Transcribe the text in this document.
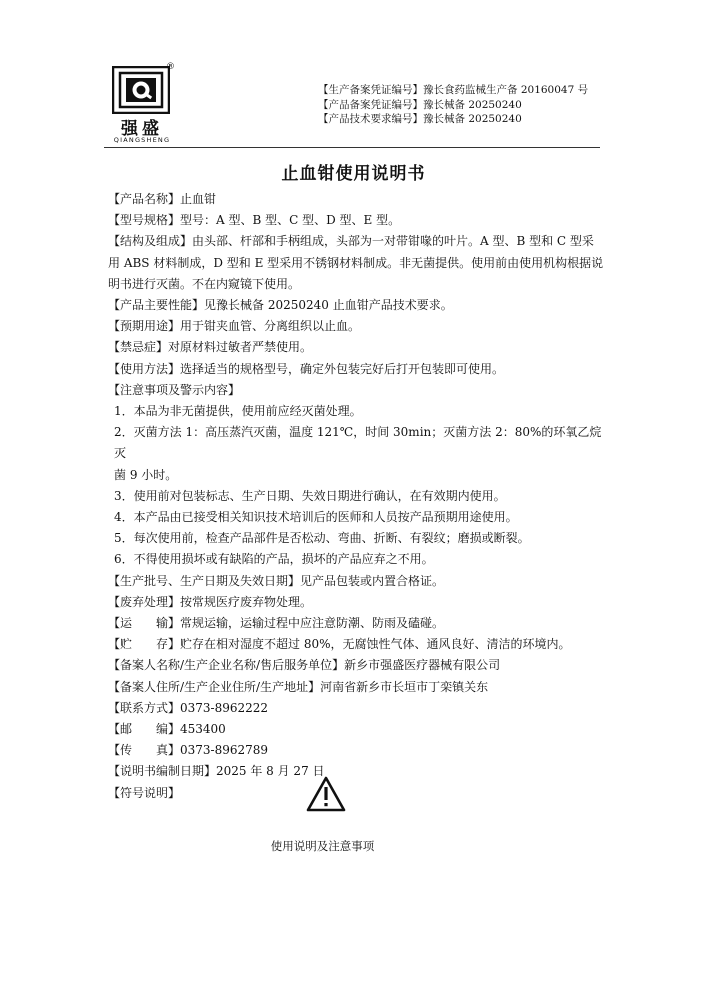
®
强盛
QIANGSHENG
【生产备案凭证编号】豫长食药监械生产备 20160047 号
【产品备案凭证编号】豫长械备 20250240
【产品技术要求编号】豫长械备 20250240
止血钳使用说明书

【产品名称】止血钳

【型号规格】型号：A 型、B 型、C 型、D 型、E 型。

【结构及组成】由头部、杆部和手柄组成，头部为一对带钳喙的叶片。A 型、B 型和 C 型采

用 ABS 材料制成，D 型和 E 型采用不锈钢材料制成。非无菌提供。使用前由使用机构根据说

明书进行灭菌。不在内窥镜下使用。

【产品主要性能】见豫长械备 20250240 止血钳产品技术要求。

【预期用途】用于钳夹血管、分离组织以止血。

【禁忌症】对原材料过敏者严禁使用。

【使用方法】选择适当的规格型号，确定外包装完好后打开包装即可使用。

【注意事项及警示内容】

1．本品为非无菌提供，使用前应经灭菌处理。

2．灭菌方法 1：高压蒸汽灭菌，温度 121℃，时间 30min；灭菌方法 2：80%的环氧乙烷灭

菌 9 小时。

3．使用前对包装标志、生产日期、失效日期进行确认，在有效期内使用。

4．本产品由已接受相关知识技术培训后的医师和人员按产品预期用途使用。

5．每次使用前，检查产品部件是否松动、弯曲、折断、有裂纹；磨损或断裂。

6．不得使用损坏或有缺陷的产品，损坏的产品应弃之不用。

【生产批号、生产日期及失效日期】见产品包装或内置合格证。

【废弃处理】按常规医疗废弃物处理。

【运　　输】常规运输，运输过程中应注意防潮、防雨及磕碰。

【贮　　存】贮存在相对湿度不超过 80%，无腐蚀性气体、通风良好、清洁的环境内。

【备案人名称/生产企业名称/售后服务单位】新乡市强盛医疗器械有限公司

【备案人住所/生产企业住所/生产地址】河南省新乡市长垣市丁栾镇关东

【联系方式】0373-8962222

【邮　　编】453400

【传　　真】0373-8962789

【说明书编制日期】2025 年 8 月 27 日

【符号说明】

使用说明及注意事项
